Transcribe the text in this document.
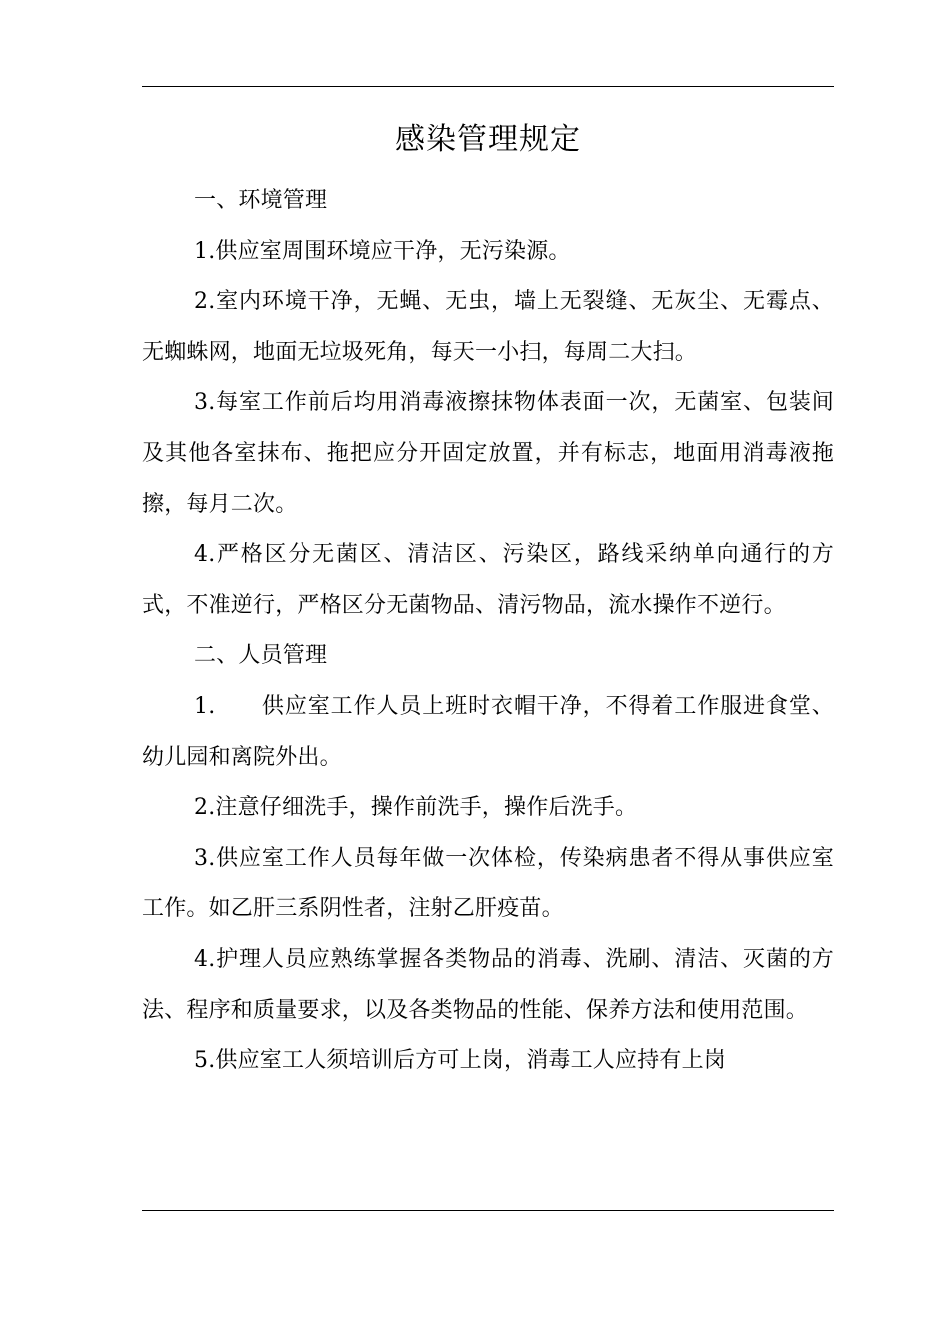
感染管理规定

一、环境管理

1.供应室周围环境应干净，无污染源。

2.室内环境干净，无蝇、无虫，墙上无裂缝、无灰尘、无霉点、无蜘蛛网，地面无垃圾死角，每天一小扫，每周二大扫。

3.每室工作前后均用消毒液擦抹物体表面一次，无菌室、包装间及其他各室抹布、拖把应分开固定放置，并有标志，地面用消毒液拖擦，每月二次。

4.严格区分无菌区、清洁区、污染区，路线采纳单向通行的方式，不准逆行，严格区分无菌物品、清污物品，流水操作不逆行。

二、人员管理

1.　　供应室工作人员上班时衣帽干净，不得着工作服进食堂、幼儿园和离院外出。

2.注意仔细洗手，操作前洗手，操作后洗手。

3.供应室工作人员每年做一次体检，传染病患者不得从事供应室工作。如乙肝三系阴性者，注射乙肝疫苗。

4.护理人员应熟练掌握各类物品的消毒、洗刷、清洁、灭菌的方法、程序和质量要求，以及各类物品的性能、保养方法和使用范围。

5.供应室工人须培训后方可上岗，消毒工人应持有上岗
